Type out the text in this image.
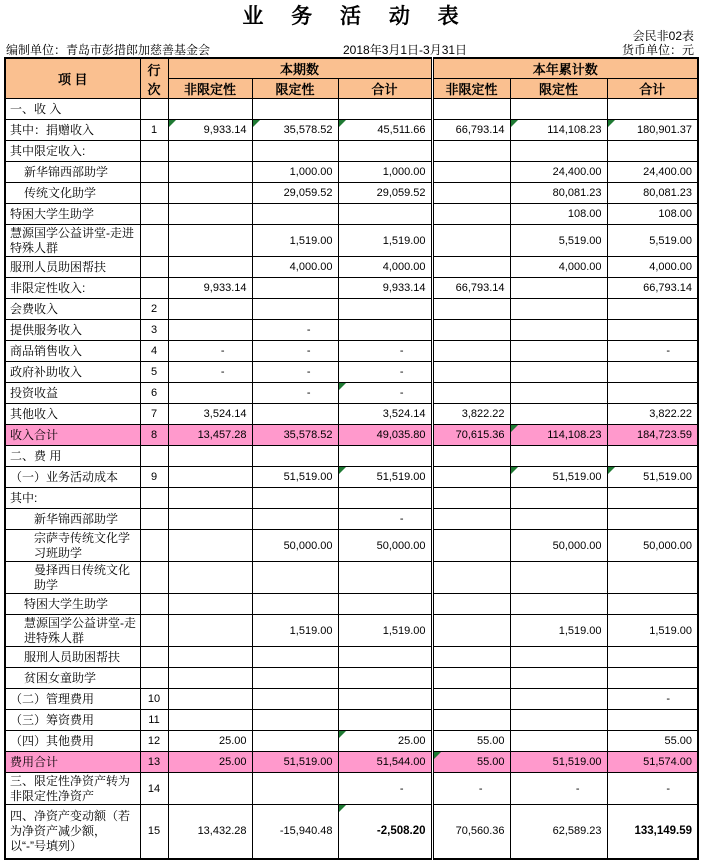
业 务 活 动 表
会民非02表
编制单位：青岛市彭措郎加慈善基金会	2018年3月1日-3月31日	货币单位：元
项 目	行次	本期数			本年累计数		
		非限定性	限定性	合计	非限定性	限定性	合计
一、收 入							
其中：捐赠收入	1	9,933.14	35,578.52	45,511.66	66,793.14	114,108.23	180,901.37

其中限定收入:							
新华锦西部助学			1,000.00	1,000.00		24,400.00	24,400.00
传统文化助学			29,059.52	29,059.52		80,081.23	80,081.23
特困大学生助学						108.00	108.00
慧源国学公益讲堂-走进特殊人群			1,519.00	1,519.00		5,519.00	5,519.00
服刑人员助困帮扶			4,000.00	4,000.00		4,000.00	4,000.00
非限定性收入:		9,933.14		9,933.14	66,793.14		66,793.14
会费收入	2						
提供服务收入	3		-				
商品销售收入	4	-	-	-			-
政府补助收入	5	-	-	-			
投资收益	6		-	-

其他收入	7	3,524.14		3,524.14	3,822.22		3,822.22
收入合计	8	13,457.28	35,578.52	49,035.80	70,615.36	114,108.23	184,723.59
二、费 用							
（一）业务活动成本	9		51,519.00	51,519.00		51,519.00	51,519.00

其中:							
新华锦西部助学				-			
宗萨寺传统文化学习班助学			50,000.00	50,000.00		50,000.00	50,000.00
曼择西日传统文化助学							
特困大学生助学							
慧源国学公益讲堂-走进特殊人群			1,519.00	1,519.00		1,519.00	1,519.00
服刑人员助困帮扶							
贫困女童助学							
（二）管理费用	10						-
（三）筹资费用	11						
（四）其他费用	12	25.00		25.00	55.00		55.00
费用合计	13	25.00	51,519.00	51,544.00	55.00	51,519.00	51,574.00
三、限定性净资产转为非限定性净资产	14			-	-	-	-
四、净资产变动额（若为净资产减少额，以“-”号填列）	15	13,432.28	-15,940.48	-2,508.20	70,560.36	62,589.23	133,149.59
